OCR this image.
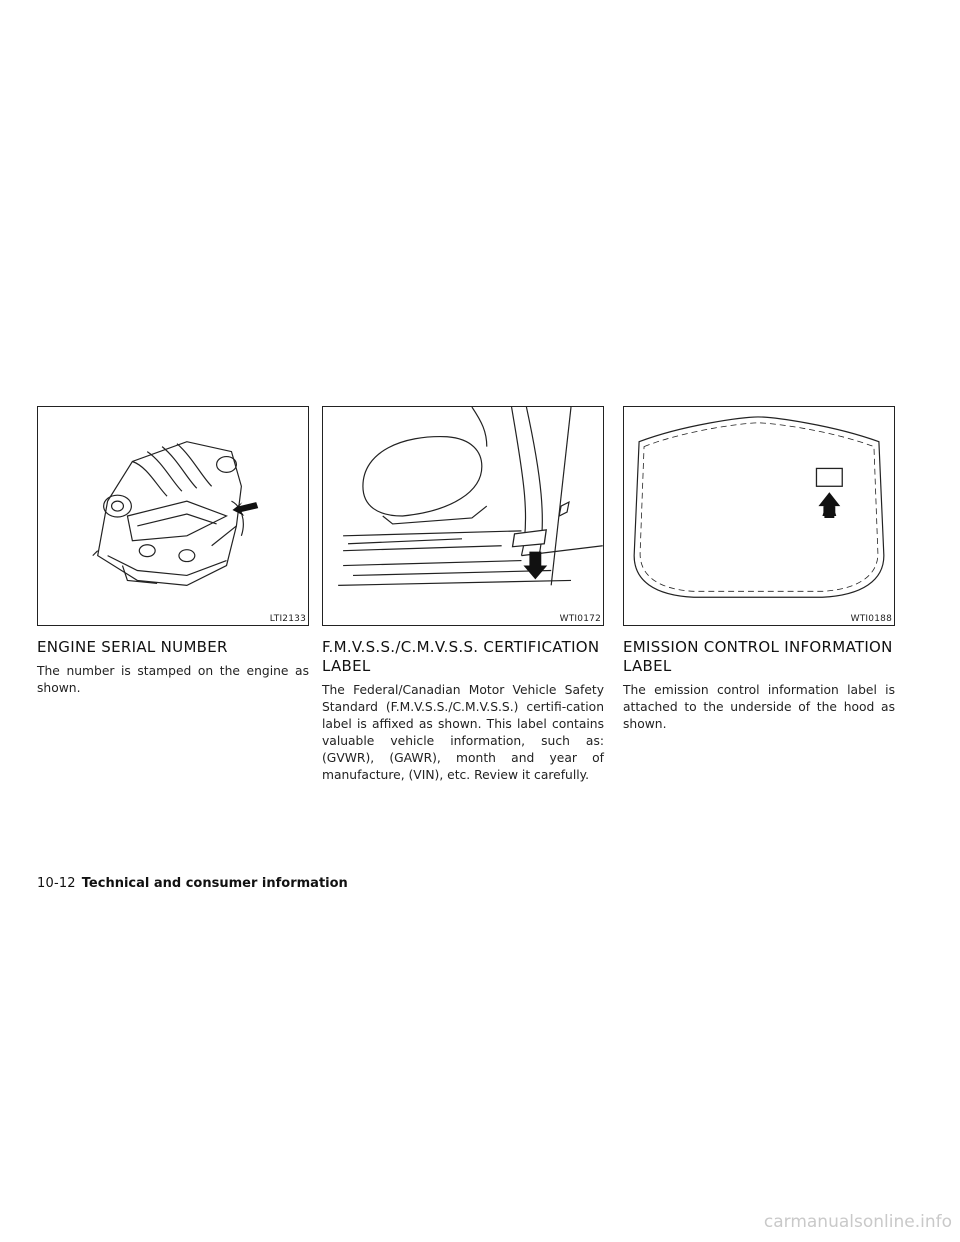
LTI2133
ENGINE SERIAL NUMBER

The number is stamped on the engine as shown.

WTI0172
F.M.V.S.S./C.M.V.S.S. CERTIFICATION LABEL

The Federal/Canadian Motor Vehicle Safety Standard (F.M.V.S.S./C.M.V.S.S.) certifi-cation label is affixed as shown. This label contains valuable vehicle information, such as: (GVWR), (GAWR), month and year of manufacture, (VIN), etc. Review it carefully.

WTI0188
EMISSION CONTROL INFORMATION LABEL

The emission control information label is attached to the underside of the hood as shown.

10-12 Technical and consumer information
carmanualsonline.info
